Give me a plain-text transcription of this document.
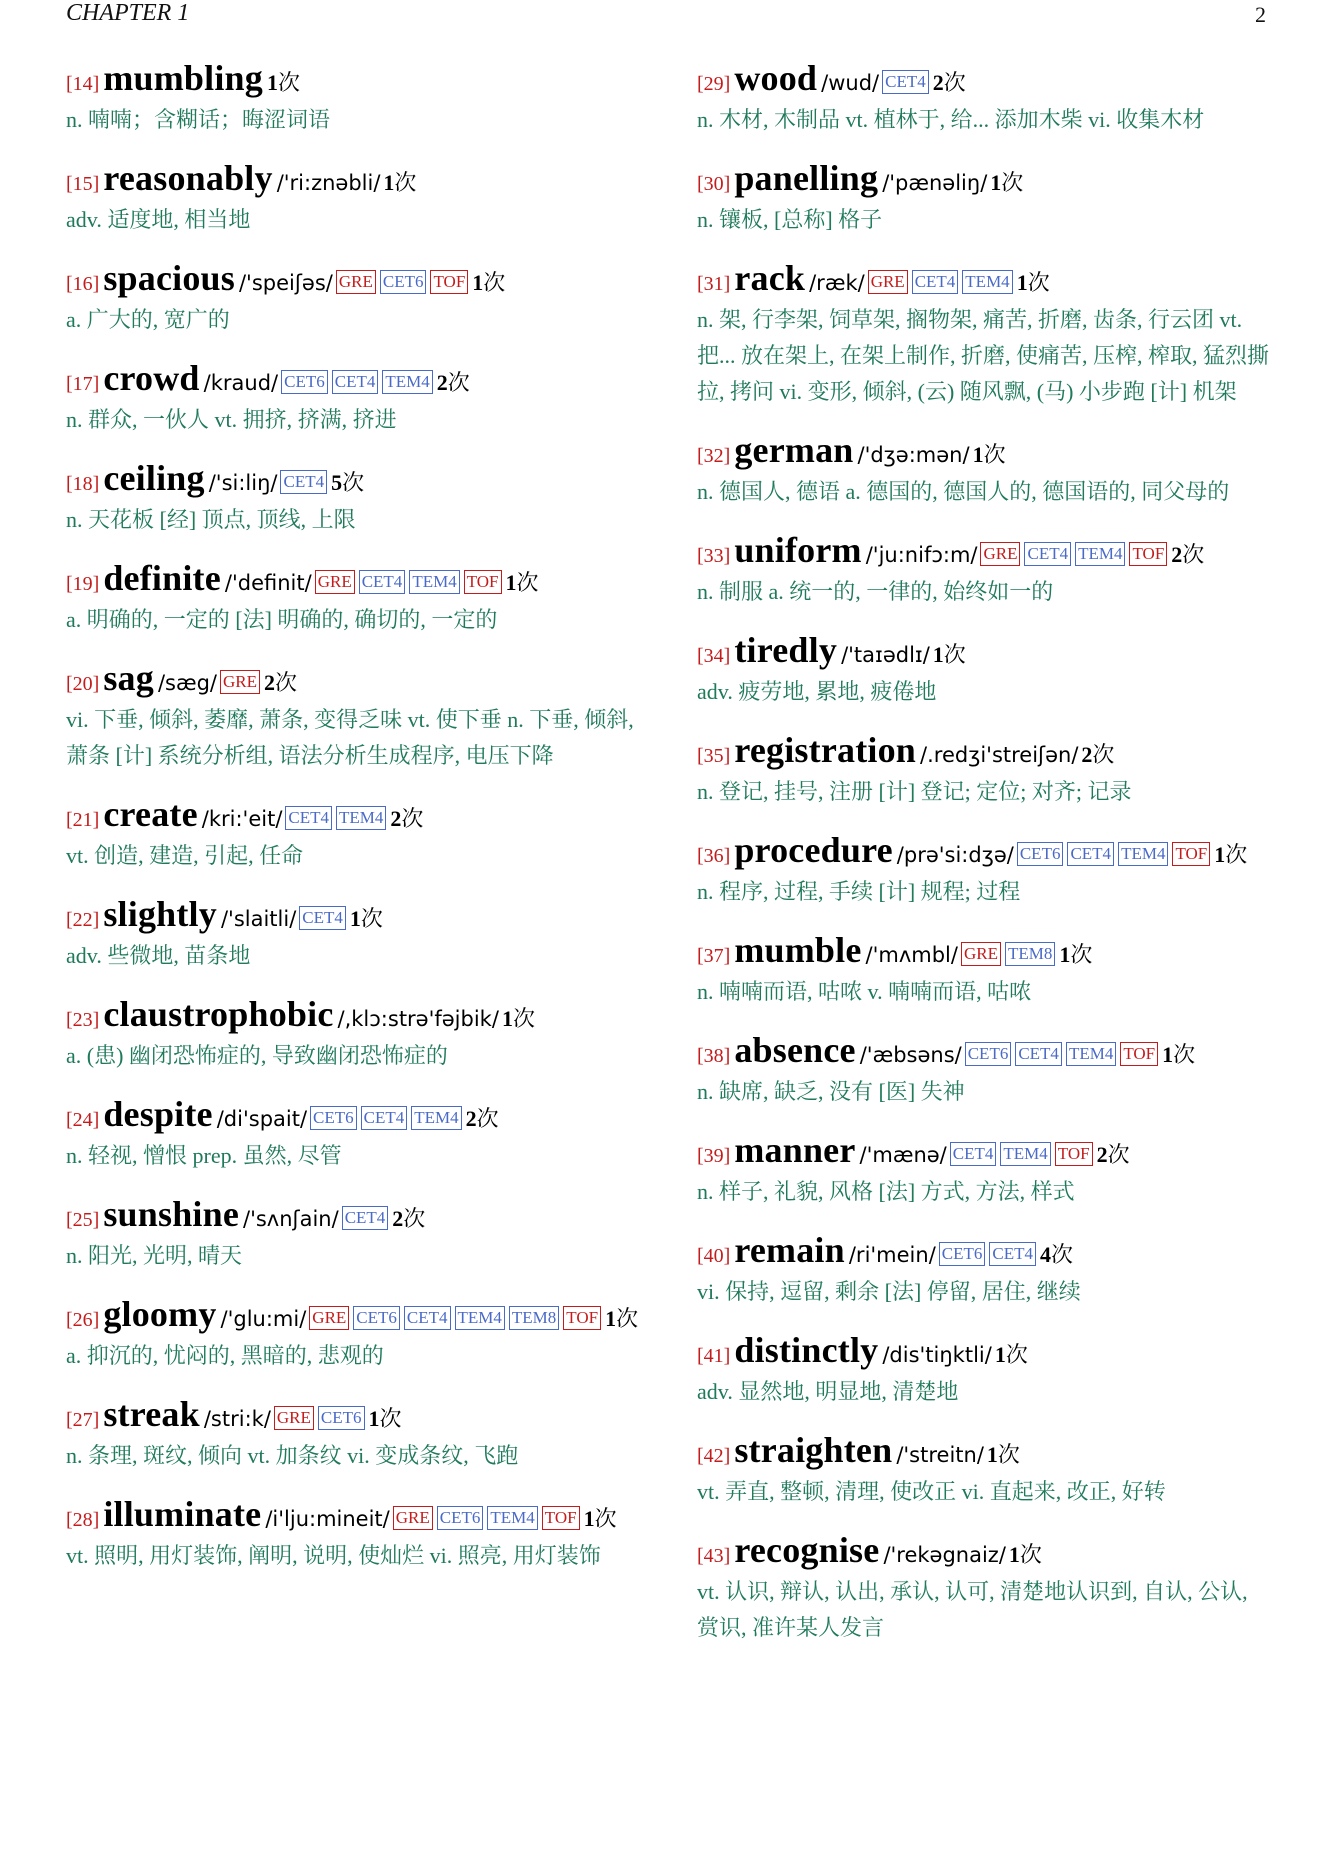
CHAPTER 1	2
[14] mumbling 1次
n. 喃喃；含糊话；晦涩词语
[15] reasonably /'ri:znəbli/ 1次
adv. 适度地, 相当地
[16] spacious /'speiʃəs/ GRE CET6 TOF 1次
a. 广大的, 宽广的
[17] crowd /kraud/ CET6 CET4 TEM4 2次
n. 群众, 一伙人 vt. 拥挤, 挤满, 挤进
[18] ceiling /'si:liŋ/ CET4 5次
n. 天花板 [经] 顶点, 顶线, 上限
[19] definite /'definit/ GRE CET4 TEM4 TOF 1次
a. 明确的, 一定的 [法] 明确的, 确切的, 一定的
[20] sag /sæg/ GRE 2次
vi. 下垂, 倾斜, 萎靡, 萧条, 变得乏味 vt. 使下垂 n. 下垂, 倾斜, 萧条 [计] 系统分析组, 语法分析生成程序, 电压下降
[21] create /kri:'eit/ CET4 TEM4 2次
vt. 创造, 建造, 引起, 任命
[22] slightly /'slaitli/ CET4 1次
adv. 些微地, 苗条地
[23] claustrophobic /,klɔ:strə'fəjbik/ 1次
a. (患) 幽闭恐怖症的, 导致幽闭恐怖症的
[24] despite /di'spait/ CET6 CET4 TEM4 2次
n. 轻视, 憎恨 prep. 虽然, 尽管
[25] sunshine /'sʌnʃain/ CET4 2次
n. 阳光, 光明, 晴天
[26] gloomy /'glu:mi/ GRE CET6 CET4 TEM4 TEM8 TOF 1次
a. 抑沉的, 忧闷的, 黑暗的, 悲观的
[27] streak /stri:k/ GRE CET6 1次
n. 条理, 斑纹, 倾向 vt. 加条纹 vi. 变成条纹, 飞跑
[28] illuminate /i'lju:mineit/ GRE CET6 TEM4 TOF 1次
vt. 照明, 用灯装饰, 阐明, 说明, 使灿烂 vi. 照亮, 用灯装饰
[29] wood /wud/ CET4 2次
n. 木材, 木制品 vt. 植林于, 给... 添加木柴 vi. 收集木材
[30] panelling /'pænəliŋ/ 1次
n. 镶板, [总称] 格子
[31] rack /ræk/ GRE CET4 TEM4 1次
n. 架, 行李架, 饲草架, 搁物架, 痛苦, 折磨, 齿条, 行云团 vt. 把... 放在架上, 在架上制作, 折磨, 使痛苦, 压榨, 榨取, 猛烈撕拉, 拷问 vi. 变形, 倾斜, (云) 随风飘, (马) 小步跑 [计] 机架
[32] german /'dʒə:mən/ 1次
n. 德国人, 德语 a. 德国的, 德国人的, 德国语的, 同父母的
[33] uniform /'ju:nifɔ:m/ GRE CET4 TEM4 TOF 2次
n. 制服 a. 统一的, 一律的, 始终如一的
[34] tiredly /'taɪədlɪ/ 1次
adv. 疲劳地, 累地, 疲倦地
[35] registration /.redʒi'streiʃən/ 2次
n. 登记, 挂号, 注册 [计] 登记; 定位; 对齐; 记录
[36] procedure /prə'si:dʒə/ CET6 CET4 TEM4 TOF 1次
n. 程序, 过程, 手续 [计] 规程; 过程
[37] mumble /'mʌmbl/ GRE TEM8 1次
n. 喃喃而语, 咕哝 v. 喃喃而语, 咕哝
[38] absence /'æbsəns/ CET6 CET4 TEM4 TOF 1次
n. 缺席, 缺乏, 没有 [医] 失神
[39] manner /'mænə/ CET4 TEM4 TOF 2次
n. 样子, 礼貌, 风格 [法] 方式, 方法, 样式
[40] remain /ri'mein/ CET6 CET4 4次
vi. 保持, 逗留, 剩余 [法] 停留, 居住, 继续
[41] distinctly /dis'tiŋktli/ 1次
adv. 显然地, 明显地, 清楚地
[42] straighten /'streitn/ 1次
vt. 弄直, 整顿, 清理, 使改正 vi. 直起来, 改正, 好转
[43] recognise /'rekəgnaiz/ 1次
vt. 认识, 辩认, 认出, 承认, 认可, 清楚地认识到, 自认, 公认, 赏识, 准许某人发言
